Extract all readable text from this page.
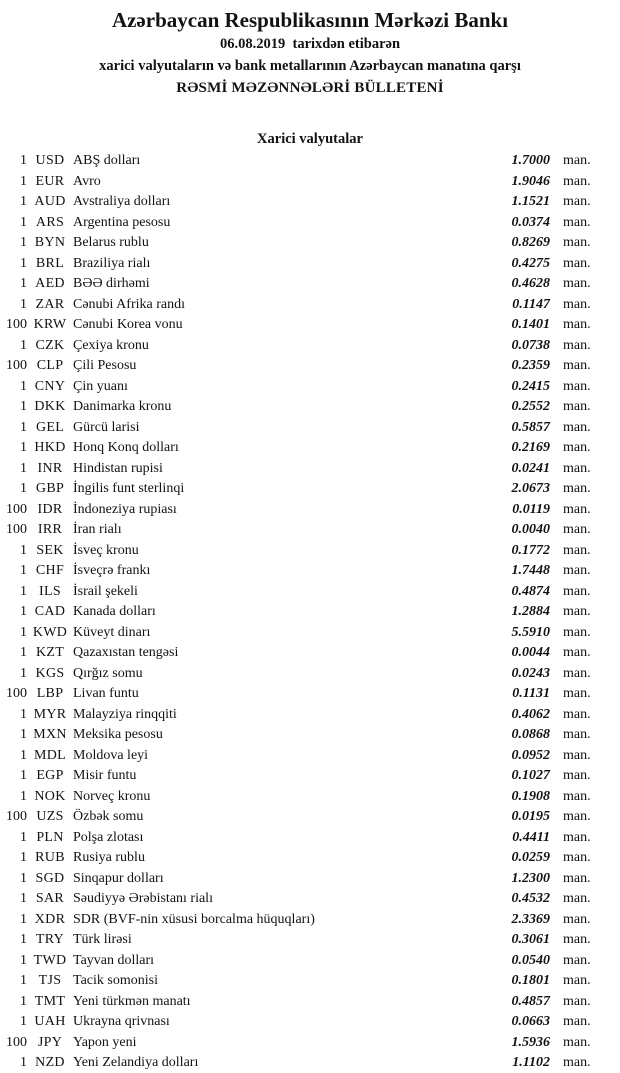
Azərbaycan Respublikasının Mərkəzi Bankı
06.08.2019  tarixdən etibarən
xarici valyutaların və bank metallarının Azərbaycan manatına qarşı
RƏSMİ MƏZƏNNƏLƏRİ BÜLLETENİ
Xarici valyutalar
1 USD ABŞ dolları	1.7000 man.
1 EUR Avro	1.9046 man.
1 AUD Avstraliya dolları	1.1521 man.
1 ARS Argentina pesosu	0.0374 man.
1 BYN Belarus rublu	0.8269 man.
1 BRL Braziliya rialı	0.4275 man.
1 AED BƏƏ dirhəmi	0.4628 man.
1 ZAR Cənubi Afrika randı	0.1147 man.
100 KRW Cənubi Korea vonu	0.1401 man.
1 CZK Çexiya kronu	0.0738 man.
100 CLP Çili Pesosu	0.2359 man.
1 CNY Çin yuanı	0.2415 man.
1 DKK Danimarka kronu	0.2552 man.
1 GEL Gürcü larisi	0.5857 man.
1 HKD Honq Konq dolları	0.2169 man.
1 INR Hindistan rupisi	0.0241 man.
1 GBP İngilis funt sterlinqi	2.0673 man.
100 IDR İndoneziya rupiası	0.0119 man.
100 IRR İran rialı	0.0040 man.
1 SEK İsveç kronu	0.1772 man.
1 CHF İsveçrə frankı	1.7448 man.
1 ILS İsrail şekeli	0.4874 man.
1 CAD Kanada dolları	1.2884 man.
1 KWD Küveyt dinarı	5.5910 man.
1 KZT Qazaxıstan tengəsi	0.0044 man.
1 KGS Qırğız somu	0.0243 man.
100 LBP Livan funtu	0.1131 man.
1 MYR Malayziya rinqqiti	0.4062 man.
1 MXN Meksika pesosu	0.0868 man.
1 MDL Moldova leyi	0.0952 man.
1 EGP Misir funtu	0.1027 man.
1 NOK Norveç kronu	0.1908 man.
100 UZS Özbək somu	0.0195 man.
1 PLN Polşa zlotası	0.4411 man.
1 RUB Rusiya rublu	0.0259 man.
1 SGD Sinqapur dolları	1.2300 man.
1 SAR Səudiyyə Ərəbistanı rialı	0.4532 man.
1 XDR SDR (BVF-nin xüsusi borcalma hüquqları)	2.3369 man.
1 TRY Türk lirəsi	0.3061 man.
1 TWD Tayvan dolları	0.0540 man.
1 TJS Tacik somonisi	0.1801 man.
1 TMT Yeni türkmən manatı	0.4857 man.
1 UAH Ukrayna qrivnası	0.0663 man.
100 JPY Yapon yeni	1.5936 man.
1 NZD Yeni Zelandiya dolları	1.1102 man.
